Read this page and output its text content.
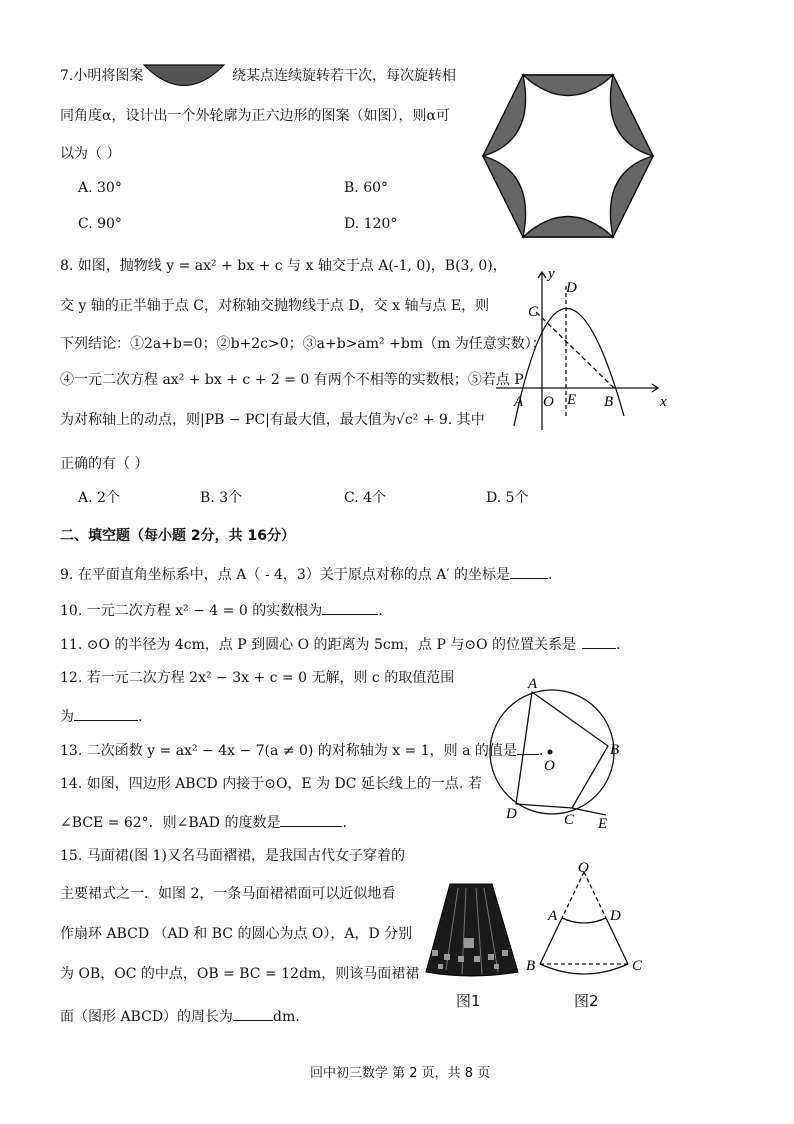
7.小明将图案	绕某点连续旋转若干次，每次旋转相
同角度α，设计出一个外轮廓为正六边形的图案（如图），则α可
以为（ ）
A. 30°	B. 60°
C. 90°	D. 120°
8. 如图，抛物线 y = ax² + bx + c 与 x 轴交于点 A(-1, 0)，B(3, 0)，
交 y 轴的正半轴于点 C，对称轴交抛物线于点 D，交 x 轴与点 E，则
下列结论：①2a+b=0；②b+2c>0；③a+b>am² +bm（m 为任意实数）；
④一元二次方程 ax² + bx + c + 2 = 0 有两个不相等的实数根；⑤若点 P
为对称轴上的动点，则|PB − PC|有最大值，最大值为√c² + 9. 其中
正确的有（ ）
A. 2个	B. 3个	C. 4个	D. 5个
y
x
C
D
A O E B
二、填空题（每小题 2分，共 16分）
9. 在平面直角坐标系中，点 A（ - 4，3）关于原点对称的点 A′ 的坐标是	.
10. 一元二次方程 x² − 4 = 0 的实数根为	.
11. ⊙O 的半径为 4cm，点 P 到圆心 O 的距离为 5cm，点 P 与⊙O 的位置关系是	.
12. 若一元二次方程 2x² − 3x + c = 0 无解，则 c 的取值范围
为	.
13. 二次函数 y = ax² − 4x − 7(a ≠ 0) 的对称轴为 x = 1，则 a 的值是 .
14. 如图，四边形 ABCD 内接于⊙O，E 为 DC 延长线上的一点. 若
∠BCE = 62°．则∠BAD 的度数是	.
A
B
C
D
E
O
15. 马面裙(图 1)又名马面褶裙，是我国古代女子穿着的
主要裙式之一．如图 2，一条马面裙裙面可以近似地看
作扇环 ABCD （AD 和 BC 的圆心为点 O），A，D 分别
为 OB，OC 的中点，OB = BC = 12dm，则该马面裙裙
面（图形 ABCD）的周长为	dm.
图1
O
A	D
B	C
图2
回中初三数学 第 2 页，共 8 页
